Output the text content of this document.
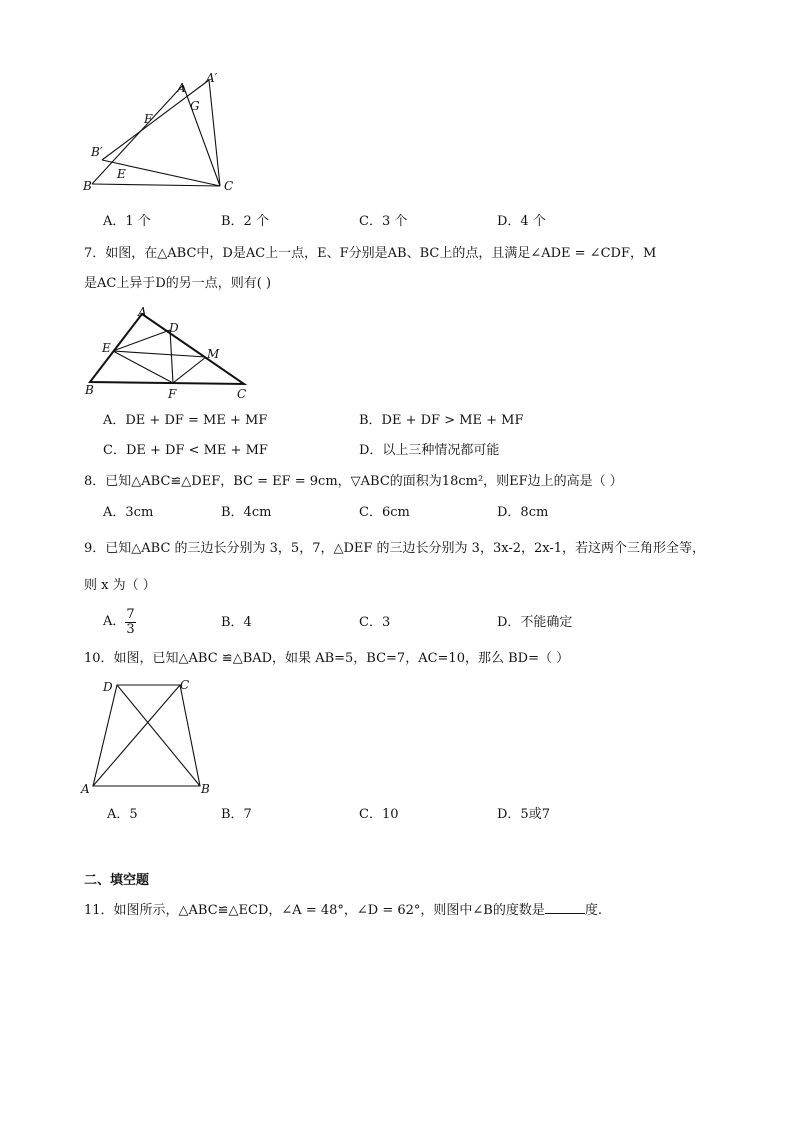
A
A′
G
F
B′
E
B	C
A．1 个	B．2 个	C．3 个	D．4 个
7．如图，在△ABC中，D是AC上一点，E、F分别是AB、BC上的点，且满足∠ADE = ∠CDF，M
是AC上异于D的另一点，则有( )
A
D
E	M
B	F	C
A．DE + DF = ME + MF	B．DE + DF > ME + MF
C．DE + DF < ME + MF	D．以上三种情况都可能
8．已知△ABC≌△DEF，BC = EF = 9cm，▽ABC的面积为18cm²，则EF边上的高是（ ）
A．3cm	B．4cm	C．6cm	D．8cm
9．已知△ABC 的三边长分别为 3，5，7，△DEF 的三边长分别为 3，3x-2，2x-1，若这两个三角形全等，
则 x 为（ ）
A． $\frac{7}{3}$	B．4	C．3	D．不能确定
10．如图，已知△ABC ≌△BAD，如果 AB=5，BC=7，AC=10，那么 BD=（ ）
D	C
A	B
A．5	B．7	C．10	D．5或7
二、填空题
11．如图所示，△ABC≌△ECD，∠A = 48°，∠D = 62°，则图中∠B的度数是	度.
